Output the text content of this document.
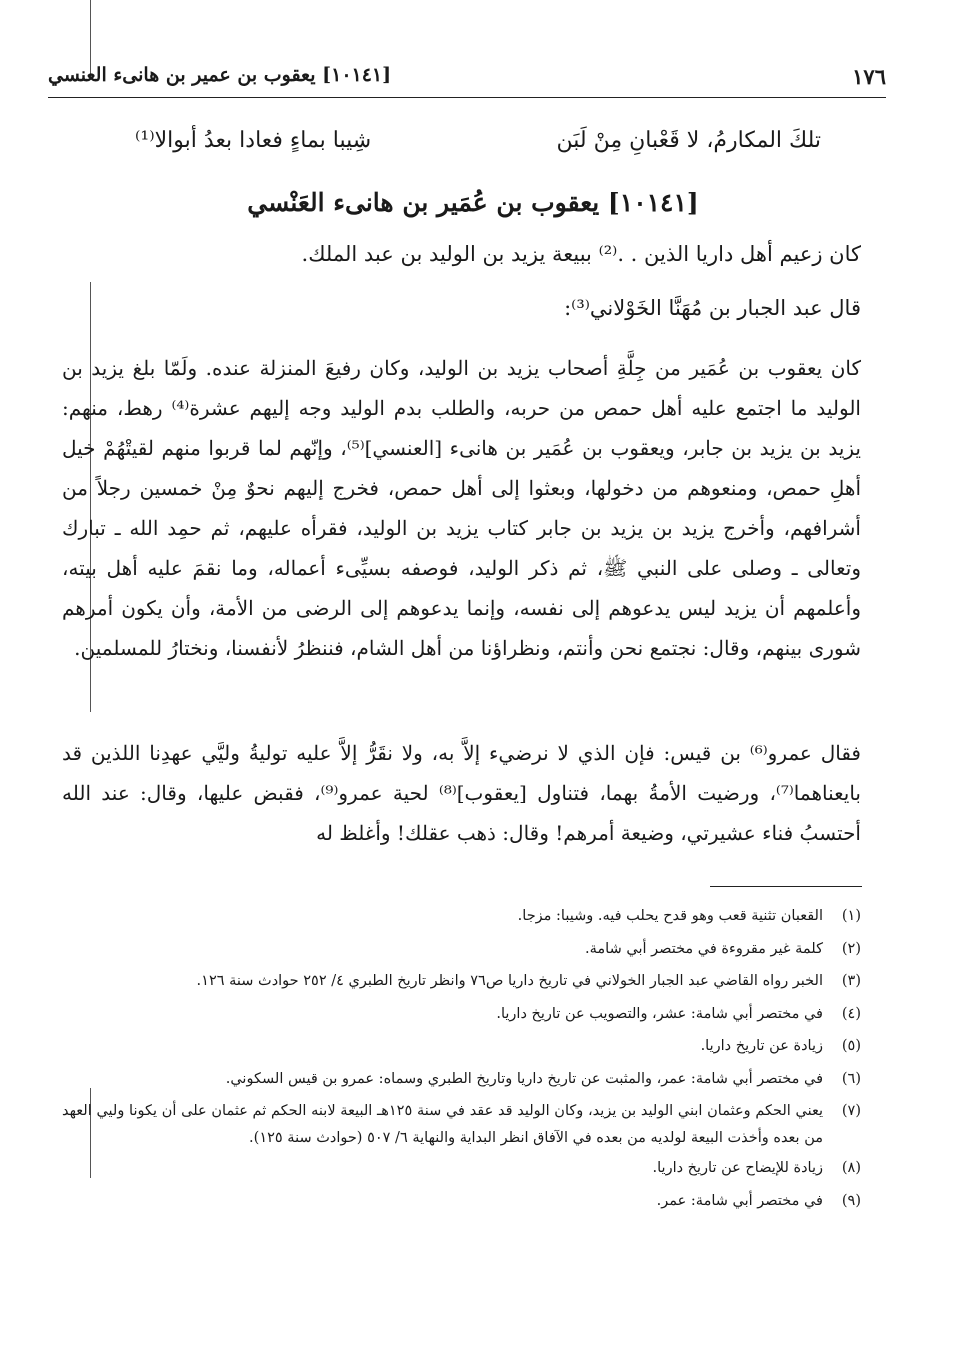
١٧٦
[١٠١٤١] يعقوب بن عمير بن هانىء العنسي
تلكَ المكارمُ، لا قَعْبانِ مِنْ لَبَن
شِيبا بماءٍ فعادا بعدُ أبوالا⁽¹⁾
[١٠١٤١] يعقوب بن عُمَير بن هانىء العَنْسي
كان زعيم أهل داريا الذين . .⁽²⁾ ببيعة يزيد بن الوليد بن عبد الملك.
قال عبد الجبار بن مُهَنَّا الخَوْلاني⁽³⁾:
كان يعقوب بن عُمَير من جِلَّةِ أصحاب يزيد بن الوليد، وكان رفيعَ المنزلة عنده. ولَمّا بلغ يزيد بن الوليد ما اجتمع عليه أهل حمص من حربه، والطلب بدم الوليد وجه إليهم عشرة⁽⁴⁾ رهط، منهم: يزيد بن يزيد بن جابر، ويعقوب بن عُمَير بن هانىء [العنسي]⁽⁵⁾، وإنّهم لما قربوا منهم لقيتْهُمْ خيل أهلِ حمص، ومنعوهم من دخولها، وبعثوا إلى أهل حمص، فخرج إليهم نحوٌ مِنْ خمسين رجلاً من أشرافهم، وأخرج يزيد بن يزيد بن جابر كتاب يزيد بن الوليد، فقرأه عليهم، ثم حمِد الله ـ تبارك وتعالى ـ وصلى على النبي ﷺ، ثم ذكر الوليد، فوصفه بسيِّىء أعماله، وما نقمَ عليه أهل بيته، وأعلمهم أن يزيد ليس يدعوهم إلى نفسه، وإنما يدعوهم إلى الرضى من الأمة، وأن يكون أمرهم شورى بينهم، وقال: نجتمع نحن وأنتم، ونظراؤنا من أهل الشام، فننظرُ لأنفسنا، ونختارُ للمسلمين.
فقال عمرو⁽⁶⁾ بن قيس: فإن الذي لا نرضيء إلاَّ به، ولا نقَرُّ إلاَّ عليه توليةُ وليَّي عهدِنا اللذين قد بايعناهما⁽⁷⁾، ورضيت الأمةُ بهما، فتناول [يعقوب]⁽⁸⁾ لحية عمرو⁽⁹⁾، فقبض عليها، وقال: عند الله أحتسبُ فناء عشيرتي، وضيعة أمرهم! وقال: ذهب عقلك! وأغلظ له
(١)
القعبان تثنية قعب وهو قدح يحلب فيه. وشيبا: مزجا.
(٢)
كلمة غير مقروءة في مختصر أبي شامة.
(٣)
الخبر رواه القاضي عبد الجبار الخولاني في تاريخ داريا ص٧٦ وانظر تاريخ الطبري ٤/ ٢٥٢ حوادث سنة ١٢٦.
(٤)
في مختصر أبي شامة: عشر، والتصويب عن تاريخ داريا.
(٥)
زيادة عن تاريخ داريا.
(٦)
في مختصر أبي شامة: عمر، والمثبت عن تاريخ داريا وتاريخ الطبري وسماه: عمرو بن قيس السكوني.
(٧)
يعني الحكم وعثمان ابني الوليد بن يزيد، وكان الوليد قد عقد في سنة ١٢٥هـ البيعة لابنه الحكم ثم عثمان على أن يكونا وليي العهد من بعده وأخذت البيعة لولديه من بعده في الآفاق انظر البداية والنهاية ٦/ ٥٠٧ (حوادث سنة ١٢٥).
(٨)
زيادة للإيضاح عن تاريخ داريا.
(٩)
في مختصر أبي شامة: عمر.
